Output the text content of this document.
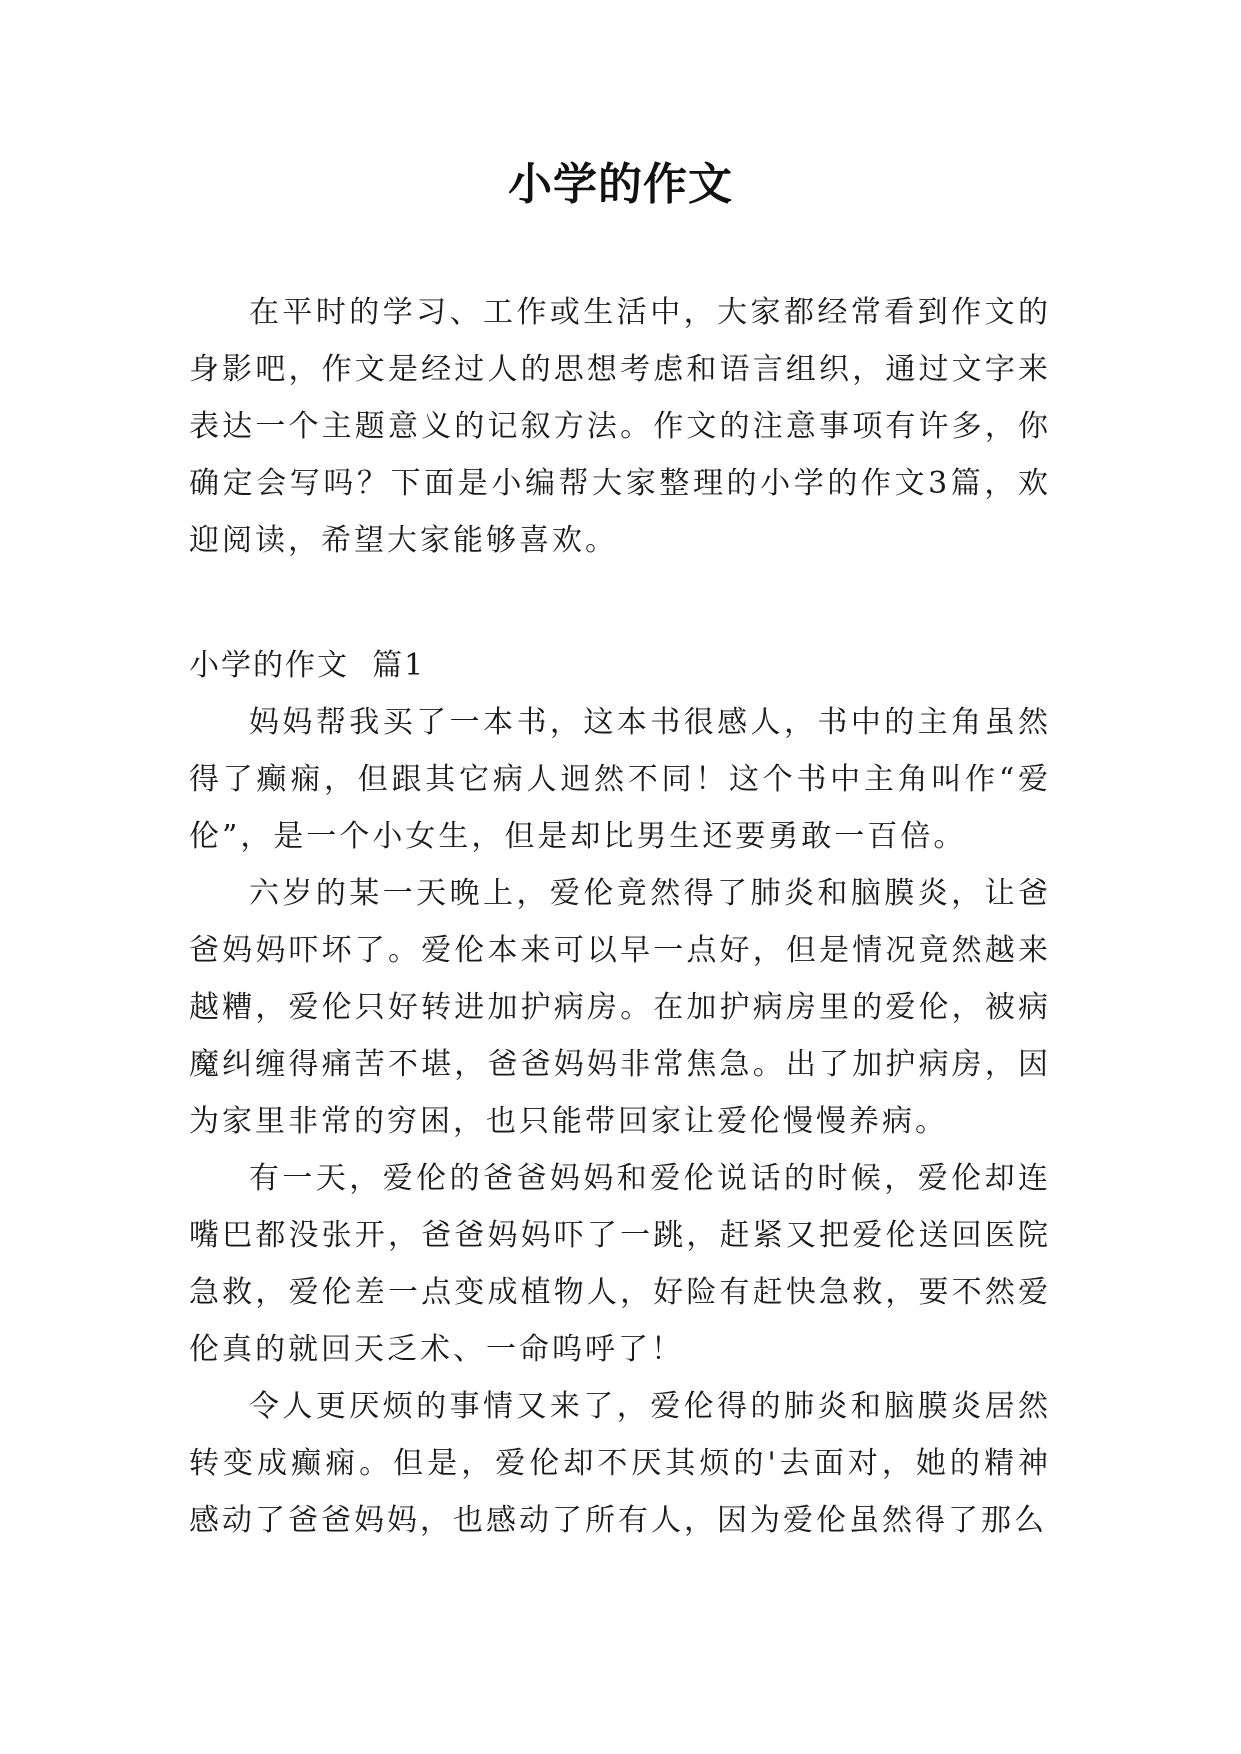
小学的作文

在平时的学习、工作或生活中，大家都经常看到作文的身影吧，作文是经过人的思想考虑和语言组织，通过文字来表达一个主题意义的记叙方法。作文的注意事项有许多，你确定会写吗？下面是小编帮大家整理的小学的作文3篇，欢迎阅读，希望大家能够喜欢。

小学的作文  篇1

妈妈帮我买了一本书，这本书很感人，书中的主角虽然得了癫痫，但跟其它病人迥然不同！这个书中主角叫作“爱伦”，是一个小女生，但是却比男生还要勇敢一百倍。

六岁的某一天晚上，爱伦竟然得了肺炎和脑膜炎，让爸爸妈妈吓坏了。爱伦本来可以早一点好，但是情况竟然越来越糟，爱伦只好转进加护病房。在加护病房里的爱伦，被病魔纠缠得痛苦不堪，爸爸妈妈非常焦急。出了加护病房，因为家里非常的穷困，也只能带回家让爱伦慢慢养病。

有一天，爱伦的爸爸妈妈和爱伦说话的时候，爱伦却连嘴巴都没张开，爸爸妈妈吓了一跳，赶紧又把爱伦送回医院急救，爱伦差一点变成植物人，好险有赶快急救，要不然爱伦真的就回天乏术、一命呜呼了！

令人更厌烦的事情又来了，爱伦得的肺炎和脑膜炎居然转变成癫痫。但是，爱伦却不厌其烦的'去面对，她的精神感动了爸爸妈妈，也感动了所有人，因为爱伦虽然得了那么
